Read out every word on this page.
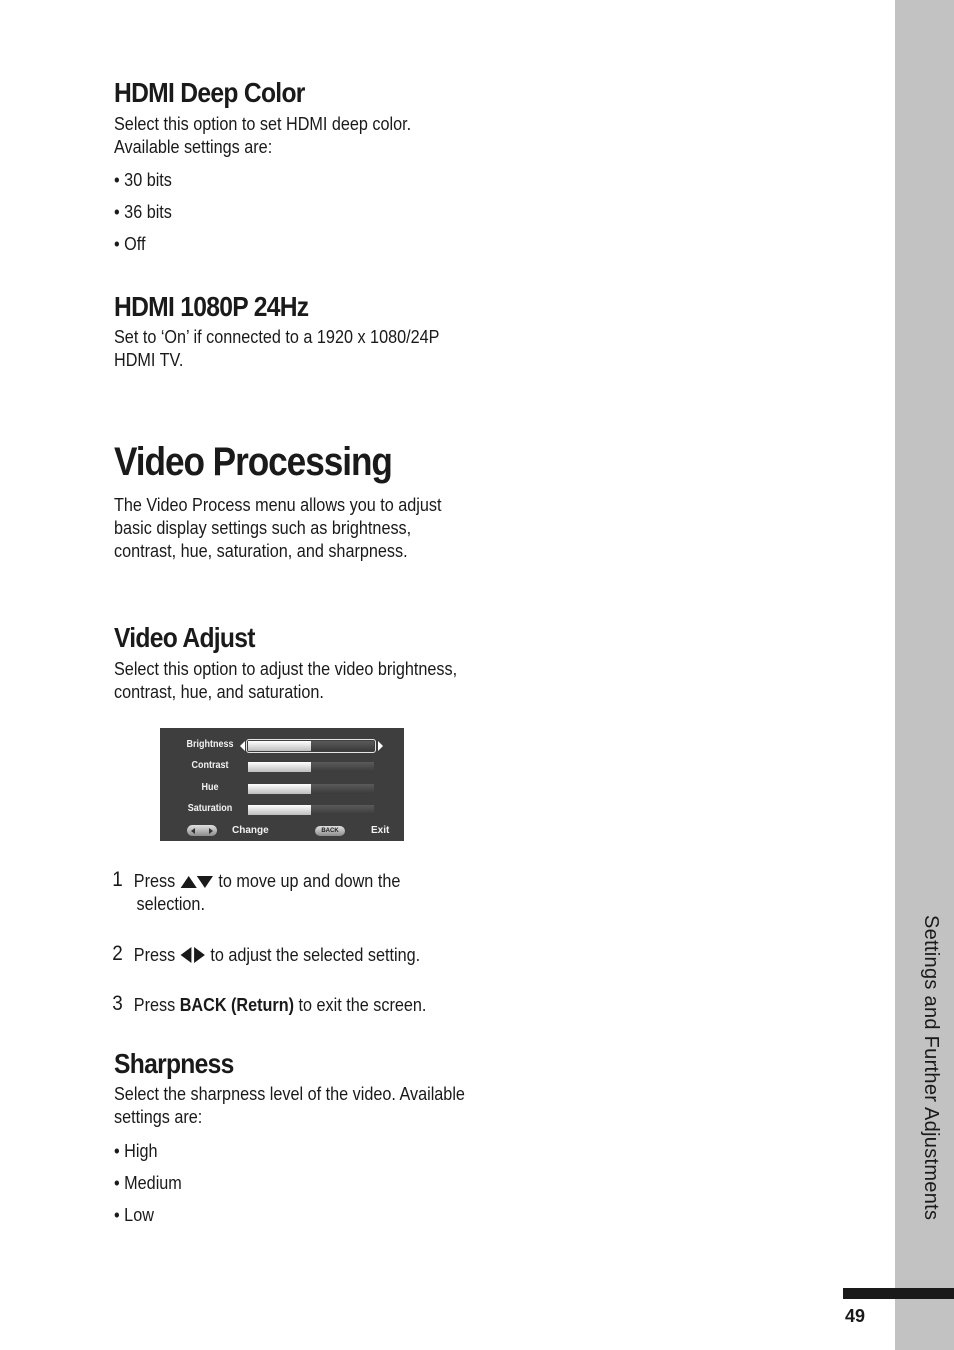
Settings and Further Adjustments
49
HDMI Deep Color

Select this option to set HDMI deep color. Available settings are:

• 30 bits
• 36 bits
• Off
HDMI 1080P 24Hz

Set to ‘On’ if connected to a 1920 x 1080/24P HDMI TV.

Video Processing

The Video Process menu allows you to adjust basic display settings such as brightness, contrast, hue, saturation, and sharpness.

Video Adjust

Select this option to adjust the video brightness, contrast, hue, and saturation.

1 Press to move up and down the
selection.
2 Press to adjust the selected setting.
3 Press BACK (Return) to exit the screen.
Sharpness

Select the sharpness level of the video. Available settings are:

• High
• Medium
• Low
Brightness
Contrast
Hue
Saturation
Change	BACK	Exit
